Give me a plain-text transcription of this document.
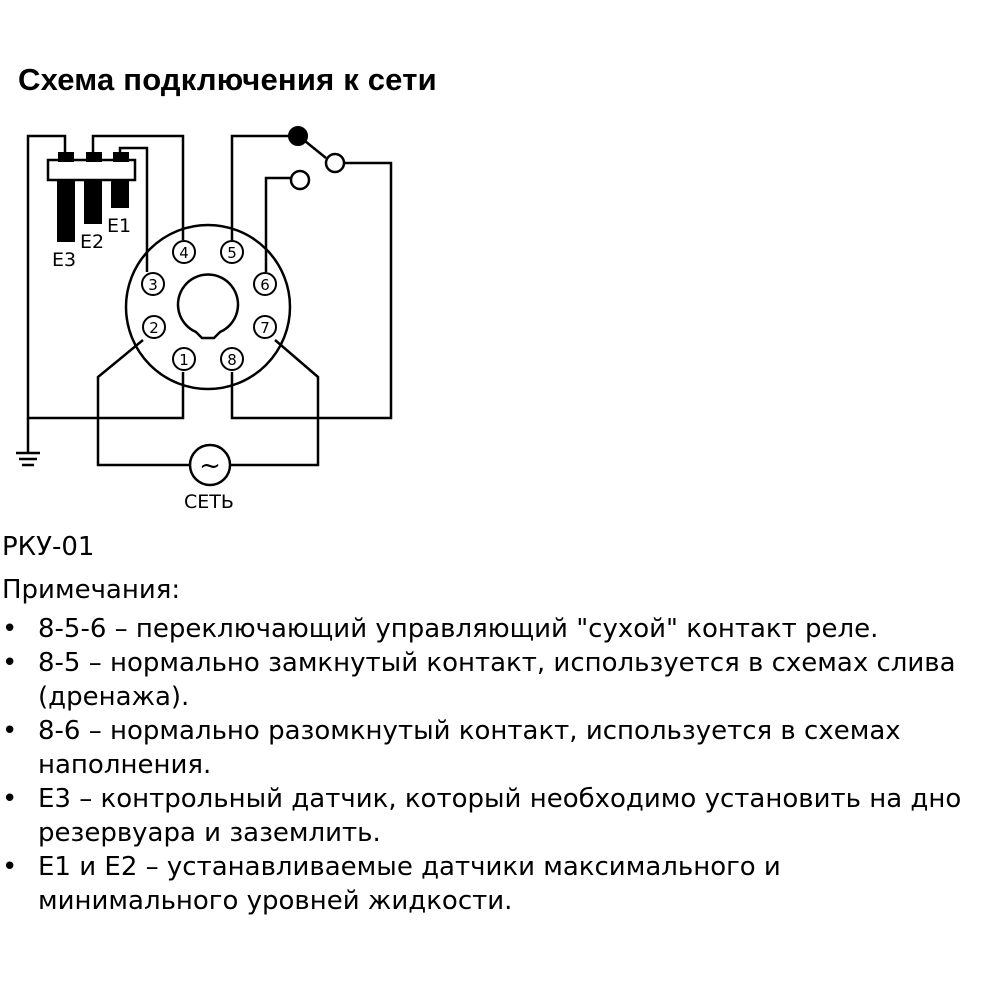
Схема подключения к сети
E3
E2
E1
1
2
3
4	5
6
7
8
~
СЕТЬ
РКУ-01
Примечания:
• 8-5-6 – переключающий управляющий "сухой" контакт реле.
• 8-5 – нормально замкнутый контакт, используется в схемах слива
(дренажа).
• 8-6 – нормально разомкнутый контакт, используется в схемах
наполнения.
• E3 – контрольный датчик, который необходимо установить на дно
резервуара и заземлить.
• E1 и E2 – устанавливаемые датчики максимального и
минимального уровней жидкости.
